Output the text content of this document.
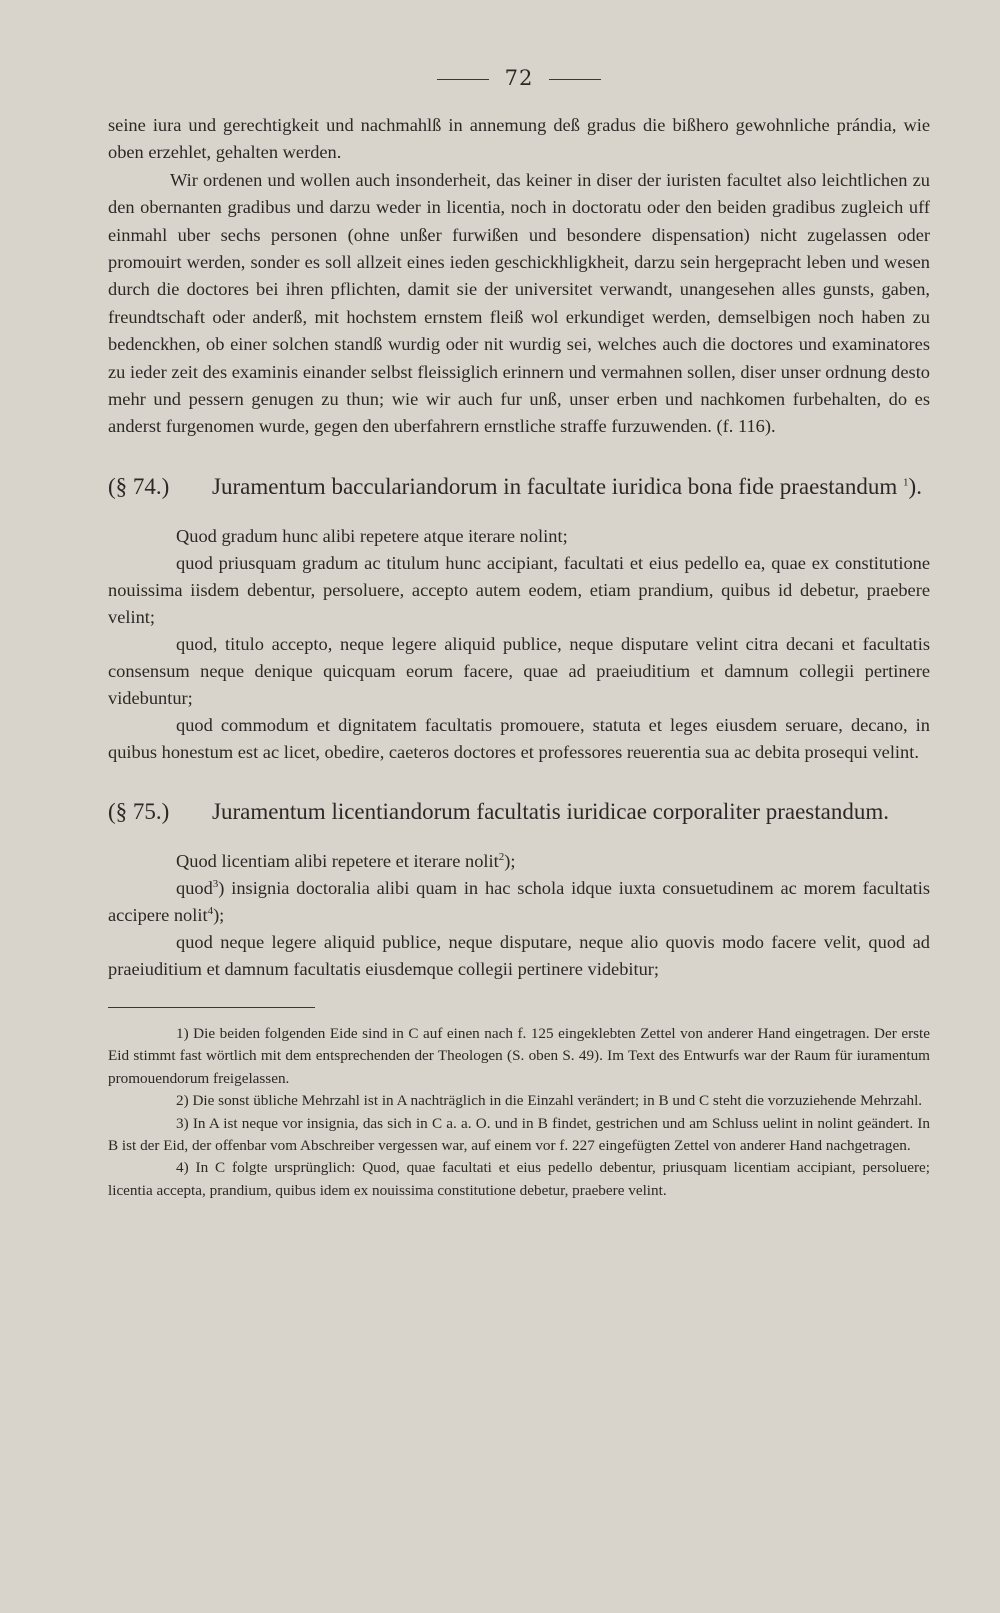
72

seine iura und gerechtigkeit und nachmahlß in annemung deß gradus die bißhero gewohnliche prándia, wie oben erzehlet, gehalten werden.

Wir ordenen und wollen auch insonderheit, das keiner in diser der iuristen facultet also leichtlichen zu den obernanten gradibus und darzu weder in licentia, noch in doctoratu oder den beiden gradibus zugleich uff einmahl uber sechs personen (ohne unßer furwißen und besondere dispensation) nicht zugelassen oder promouirt werden, sonder es soll allzeit eines ieden geschickhligkheit, darzu sein hergepracht leben und wesen durch die doctores bei ihren pflichten, damit sie der universitet verwandt, unangesehen alles gunsts, gaben, freundtschaft oder anderß, mit hochstem ernstem fleiß wol erkundiget werden, demselbigen noch haben zu bedenckhen, ob einer solchen standß wurdig oder nit wurdig sei, welches auch die doctores und examinatores zu ieder zeit des examinis einander selbst fleissiglich erinnern und vermahnen sollen, diser unser ordnung desto mehr und pessern genugen zu thun; wie wir auch fur unß, unser erben und nachkomen furbehalten, do es anderst furgenomen wurde, gegen den uberfahrern ernstliche straffe furzuwenden. (f. 116).

(§ 74.) Juramentum bacculariandorum in facultate iuridica bona fide praestandum $^1$).

Quod gradum hunc alibi repetere atque iterare nolint;

quod priusquam gradum ac titulum hunc accipiant, facultati et eius pedello ea, quae ex constitutione nouissima iisdem debentur, persoluere, accepto autem eodem, etiam prandium, quibus id debetur, praebere velint;

quod, titulo accepto, neque legere aliquid publice, neque disputare velint citra decani et facultatis consensum neque denique quicquam eorum facere, quae ad praeiuditium et damnum collegii pertinere videbuntur;

quod commodum et dignitatem facultatis promouere, statuta et leges eiusdem seruare, decano, in quibus honestum est ac licet, obedire, caeteros doctores et professores reuerentia sua ac debita prosequi velint.

(§ 75.) Juramentum licentiandorum facultatis iuridicae corporaliter praestandum.

Quod licentiam alibi repetere et iterare nolit$^2$);

quod$^3$) insignia doctoralia alibi quam in hac schola idque iuxta consuetudinem ac morem facultatis accipere nolit$^4$);

quod neque legere aliquid publice, neque disputare, neque alio quovis modo facere velit, quod ad praeiuditium et damnum facultatis eiusdemque collegii pertinere videbitur;

1) Die beiden folgenden Eide sind in C auf einen nach f. 125 eingeklebten Zettel von anderer Hand eingetragen. Der erste Eid stimmt fast wörtlich mit dem entsprechenden der Theologen (S. oben S. 49). Im Text des Entwurfs war der Raum für iuramentum promouendorum freigelassen.

2) Die sonst übliche Mehrzahl ist in A nachträglich in die Einzahl verändert; in B und C steht die vorzuziehende Mehrzahl.

3) In A ist neque vor insignia, das sich in C a. a. O. und in B findet, gestrichen und am Schluss uelint in nolint geändert. In B ist der Eid, der offenbar vom Abschreiber vergessen war, auf einem vor f. 227 eingefügten Zettel von anderer Hand nachgetragen.

4) In C folgte ursprünglich: Quod, quae facultati et eius pedello debentur, priusquam licentiam accipiant, persoluere; licentia accepta, prandium, quibus idem ex nouissima constitutione debetur, praebere velint.
